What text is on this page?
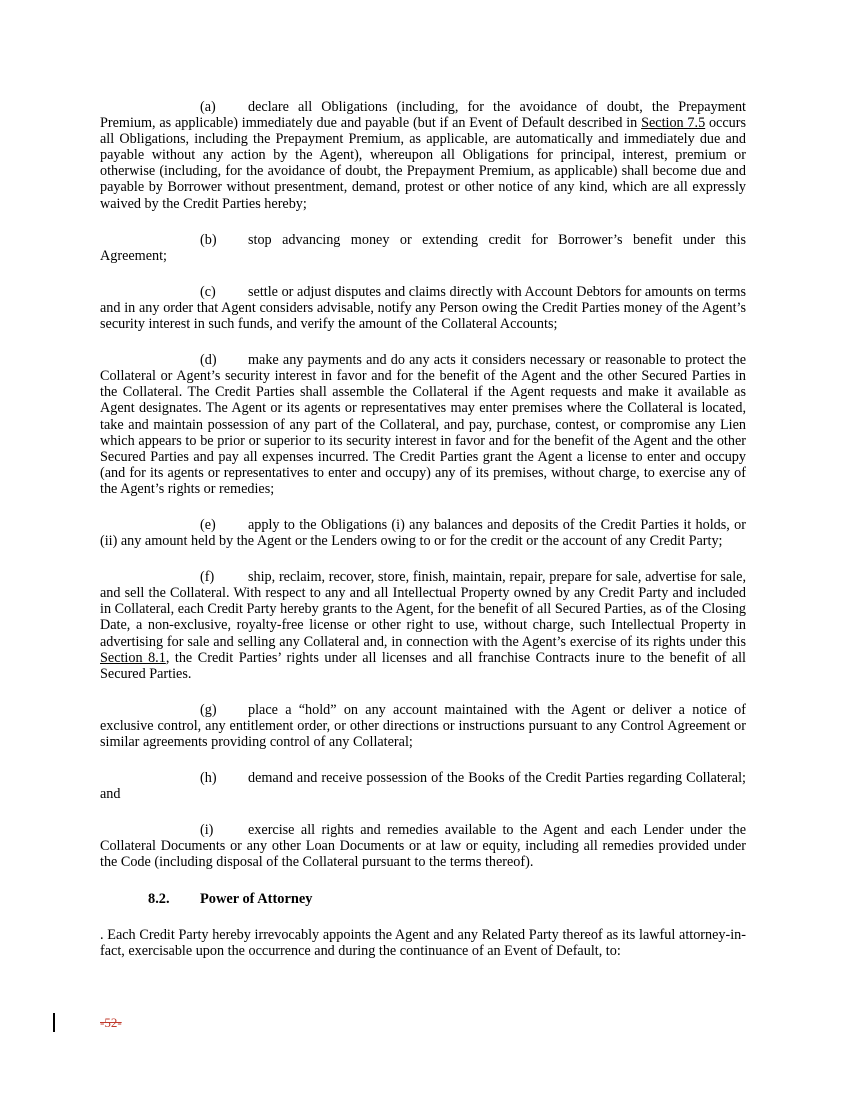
(a) declare all Obligations (including, for the avoidance of doubt, the Prepayment Premium, as applicable) immediately due and payable (but if an Event of Default described in Section 7.5 occurs all Obligations, including the Prepayment Premium, as applicable, are automatically and immediately due and payable without any action by the Agent), whereupon all Obligations for principal, interest, premium or otherwise (including, for the avoidance of doubt, the Prepayment Premium, as applicable) shall become due and payable by Borrower without presentment, demand, protest or other notice of any kind, which are all expressly waived by the Credit Parties hereby;

(b) stop advancing money or extending credit for Borrower’s benefit under this Agreement;

(c) settle or adjust disputes and claims directly with Account Debtors for amounts on terms and in any order that Agent considers advisable, notify any Person owing the Credit Parties money of the Agent’s security interest in such funds, and verify the amount of the Collateral Accounts;

(d) make any payments and do any acts it considers necessary or reasonable to protect the Collateral or Agent’s security interest in favor and for the benefit of the Agent and the other Secured Parties in the Collateral. The Credit Parties shall assemble the Collateral if the Agent requests and make it available as Agent designates. The Agent or its agents or representatives may enter premises where the Collateral is located, take and maintain possession of any part of the Collateral, and pay, purchase, contest, or compromise any Lien which appears to be prior or superior to its security interest in favor and for the benefit of the Agent and the other Secured Parties and pay all expenses incurred. The Credit Parties grant the Agent a license to enter and occupy (and for its agents or representatives to enter and occupy) any of its premises, without charge, to exercise any of the Agent’s rights or remedies;

(e) apply to the Obligations (i) any balances and deposits of the Credit Parties it holds, or (ii) any amount held by the Agent or the Lenders owing to or for the credit or the account of any Credit Party;

(f) ship, reclaim, recover, store, finish, maintain, repair, prepare for sale, advertise for sale, and sell the Collateral. With respect to any and all Intellectual Property owned by any Credit Party and included in Collateral, each Credit Party hereby grants to the Agent, for the benefit of all Secured Parties, as of the Closing Date, a non-exclusive, royalty-free license or other right to use, without charge, such Intellectual Property in advertising for sale and selling any Collateral and, in connection with the Agent’s exercise of its rights under this Section 8.1, the Credit Parties’ rights under all licenses and all franchise Contracts inure to the benefit of all Secured Parties.

(g) place a “hold” on any account maintained with the Agent or deliver a notice of exclusive control, any entitlement order, or other directions or instructions pursuant to any Control Agreement or similar agreements providing control of any Collateral;

(h) demand and receive possession of the Books of the Credit Parties regarding Collateral; and

(i) exercise all rights and remedies available to the Agent and each Lender under the Collateral Documents or any other Loan Documents or at law or equity, including all remedies provided under the Code (including disposal of the Collateral pursuant to the terms thereof).

8.2. Power of Attorney

. Each Credit Party hereby irrevocably appoints the Agent and any Related Party thereof as its lawful attorney-in-fact, exercisable upon the occurrence and during the continuance of an Event of Default, to:

-52-
